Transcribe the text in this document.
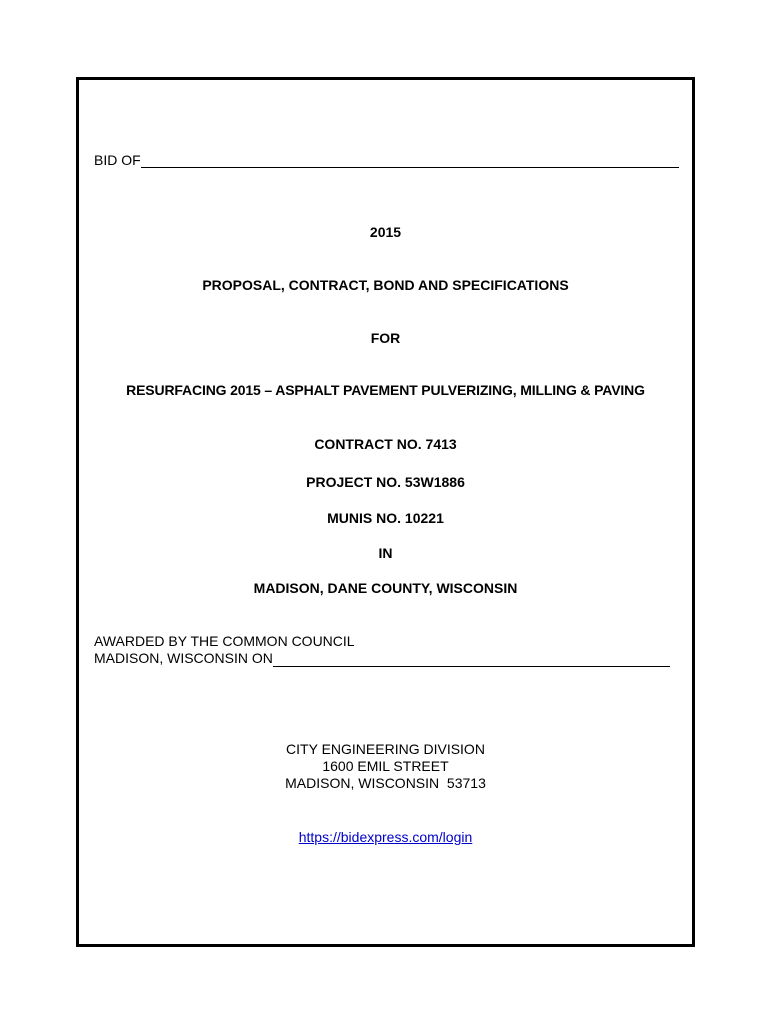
BID OF
2015
PROPOSAL, CONTRACT, BOND AND SPECIFICATIONS
FOR
RESURFACING 2015 – ASPHALT PAVEMENT PULVERIZING, MILLING & PAVING
CONTRACT NO. 7413
PROJECT NO. 53W1886
MUNIS NO. 10221
IN
MADISON, DANE COUNTY, WISCONSIN
AWARDED BY THE COMMON COUNCIL
MADISON, WISCONSIN ON
CITY ENGINEERING DIVISION
1600 EMIL STREET
MADISON, WISCONSIN  53713
https://bidexpress.com/login
